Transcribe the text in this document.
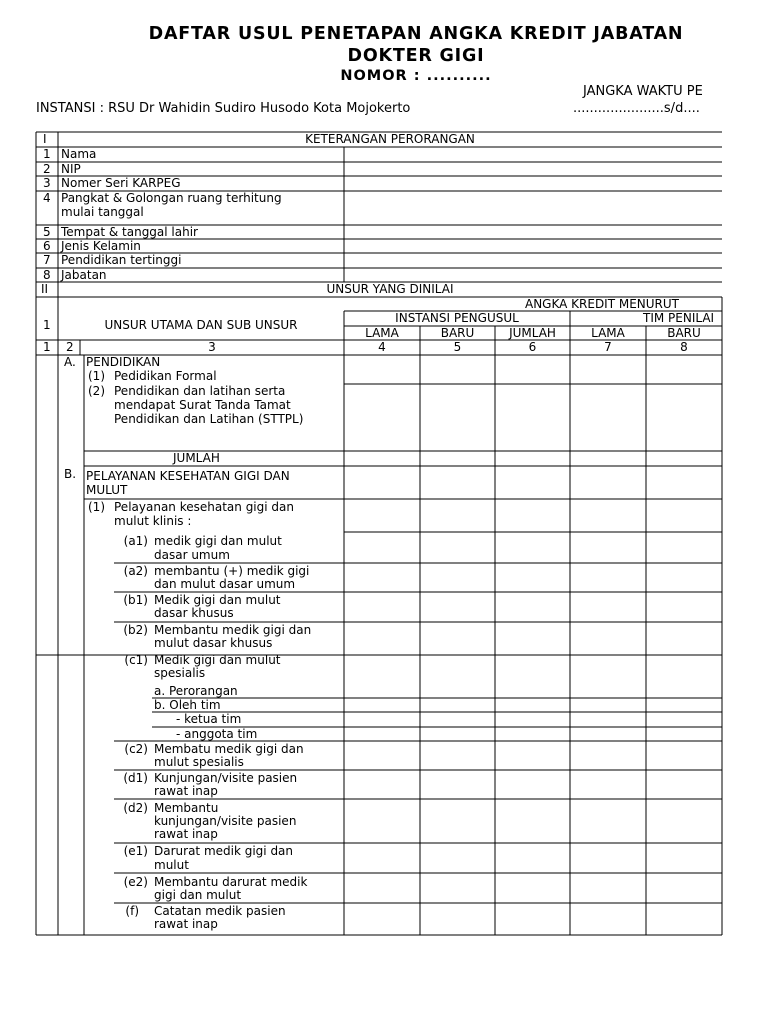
DAFTAR USUL PENETAPAN ANGKA KREDIT JABATAN
DOKTER GIGI
NOMOR : ..........
JANGKA WAKTU PE
INSTANSI : RSU Dr Wahidin Sudiro Husodo Kota Mojokerto	......................s/d....
I	KETERANGAN PERORANGAN
1 Nama
2 NIP
3 Nomer Seri KARPEG
4 Pangkat & Golongan ruang terhitung
mulai tanggal
5 Tempat & tanggal lahir
6 Jenis Kelamin
7 Pendidikan tertinggi
8 Jabatan
II	UNSUR YANG DINILAI
ANGKA KREDIT MENURUT
1	UNSUR UTAMA DAN SUB UNSUR	INSTANSI PENGUSUL	TIM PENILAI
LAMA	BARU	JUMLAH	LAMA	BARU
1 2	3	4	5	6	7	8
A. PENDIDIKAN
(1) Pedidikan Formal
(2) Pendidikan dan latihan serta
mendapat Surat Tanda Tamat
Pendidikan dan Latihan (STTPL)
JUMLAH
B. PELAYANAN KESEHATAN GIGI DAN
MULUT
(1) Pelayanan kesehatan gigi dan
mulut klinis :
(a1) medik gigi dan mulut
dasar umum
(a2) membantu (+) medik gigi
dan mulut dasar umum
(b1) Medik gigi dan mulut
dasar khusus
(b2) Membantu medik gigi dan
mulut dasar khusus
(c1) Medik gigi dan mulut
spesialis
a. Perorangan
b. Oleh tim
- ketua tim
- anggota tim
(c2) Membatu medik gigi dan
mulut spesialis
(d1) Kunjungan/visite pasien
rawat inap
(d2) Membantu
kunjungan/visite pasien
rawat inap
(e1) Darurat medik gigi dan
mulut
(e2) Membantu darurat medik
gigi dan mulut
(f) Catatan medik pasien
rawat inap
